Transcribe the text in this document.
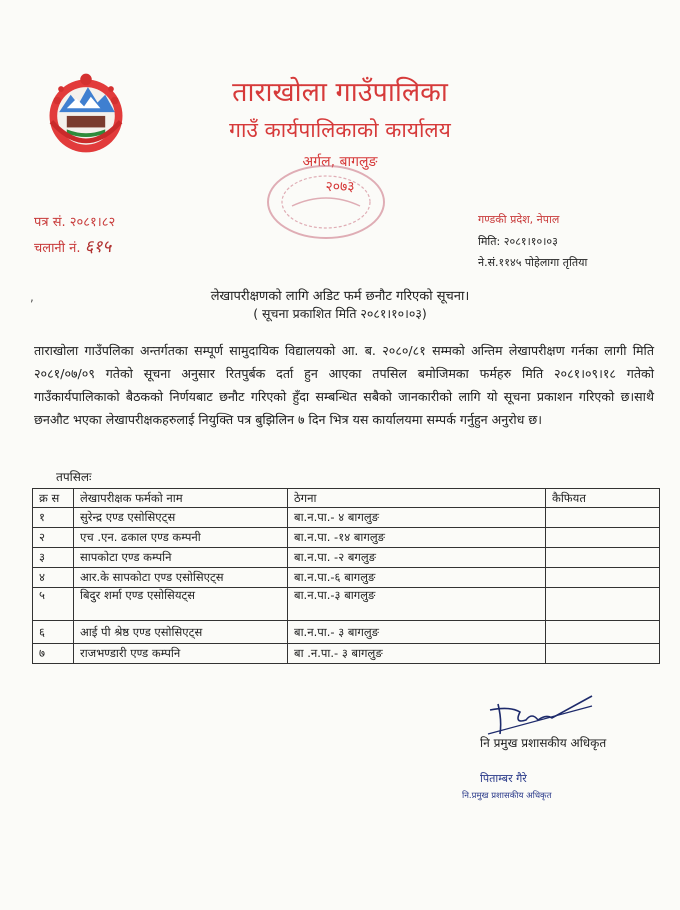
ताराखोला गाउँपालिका
गाउँ कार्यपालिकाको कार्यालय
अर्गल, बागलुङ
२०७३
पत्र सं. २०८१।८२
चलानी नं. ६१५
गण्डकी प्रदेश, नेपाल
मिति: २०८१।१०।०३
ने.सं.११४५ पोहेलागा तृतिया
,	लेखापरीक्षणको लागि अडिट फर्म छनौट गरिएको सूचना।
( सूचना प्रकाशित मिति २०८१।१०।०३)
ताराखोला गाउँपलिका अन्तर्गतका सम्पूर्ण सामुदायिक विद्यालयको आ. ब. २०८०/८१ सम्मको अन्तिम लेखापरीक्षण गर्नका लागी मिति २०८१/०७/०९ गतेको सूचना अनुसार रितपुर्बक दर्ता हुन आएका तपसिल बमोजिमका फर्महरु मिति २०८१।०९।१८ गतेको गाउँकार्यपालिकाको बैठकको निर्णयबाट छनौट गरिएको हुँदा सम्बन्धित सबैको जानकारीको लागि यो सूचना प्रकाशन गरिएको छ।साथै छनऔट भएका लेखापरीक्षकहरुलाई नियुक्ति पत्र बुझिलिन ७ दिन भित्र यस कार्यालयमा सम्पर्क गर्नुहुन अनुरोध छ।
तपसिलः
क्र स	लेखापरीक्षक फर्मको नाम	ठेगना	कैफियत
१	सुरेन्द्र एण्ड एसोसिएट्स	बा.न.पा.- ४ बागलुङ	
२	एच .एन. ढकाल एण्ड कम्पनी	बा.न.पा. -१४ बागलुङ	
३	सापकोटा एण्ड कम्पनि	बा.न.पा. -२ बगलुङ	
४	आर.के सापकोटा एण्ड एसोसिएट्स	बा.न.पा.-६ बागलुङ	
५	बिदुर शर्मा एण्ड एसोसियट्स	बा.न.पा.-३ बागलुङ	
६	आई पी श्रेष्ठ एण्ड एसोसिएट्स	बा.न.पा.- ३ बागलुङ	
७	राजभण्डारी एण्ड कम्पनि	बा .न.पा.- ३ बागलुङ	
नि प्रमुख प्रशासकीय अधिकृत
पिताम्बर गैरे
नि.प्रमुख प्रशासकीय अधिकृत
